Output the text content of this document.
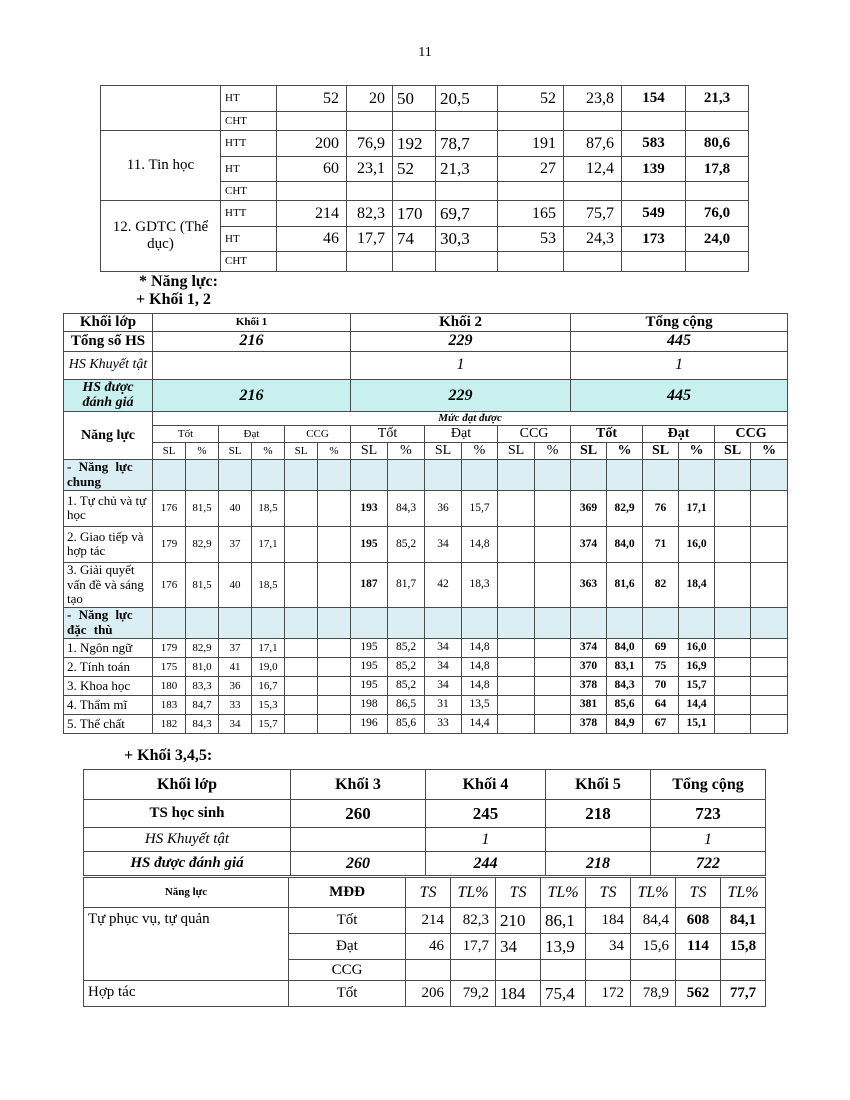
11
	HT	52	20	50	20,5	52	23,8	154	21,3
	CHT								
11. Tin học	HTT	200	76,9	192	78,7	191	87,6	583	80,6
	HT	60	23,1	52	21,3	27	12,4	139	17,8
	CHT								
12. GDTC (Thể dục)	HTT	214	82,3	170	69,7	165	75,7	549	76,0
	HT	46	17,7	74	30,3	53	24,3	173	24,0
	CHT								
* Năng lực:
+ Khối 1, 2
Khối lớp	Khối 1						Khối 2						Tổng cộng					
Tổng số HS	216						229						445					
HS Khuyết tật							1						1					
HS được đánh giá	216						229						445					
Năng lực	Mức đạt được																	
	Tốt		Đạt		CCG		Tốt		Đạt		CCG		Tốt		Đạt		CCG	
	SL	%	SL	%	SL	%	SL	%	SL	%	SL	%	SL	%	SL	%	SL	%
- Năng lực chung																		
1. Tự chủ và tự học	176	81,5	40	18,5			193	84,3	36	15,7			369	82,9	76	17,1		
2. Giao tiếp và hợp tác	179	82,9	37	17,1			195	85,2	34	14,8			374	84,0	71	16,0		
3. Giải quyết vấn đề và sáng tạo	176	81,5	40	18,5			187	81,7	42	18,3			363	81,6	82	18,4		
- Năng lực đặc thù																		
1. Ngôn ngữ	179	82,9	37	17,1			195	85,2	34	14,8			374	84,0	69	16,0		
2. Tính toán	175	81,0	41	19,0			195	85,2	34	14,8			370	83,1	75	16,9		
3. Khoa học	180	83,3	36	16,7			195	85,2	34	14,8			378	84,3	70	15,7		
4. Thẩm mĩ	183	84,7	33	15,3			198	86,5	31	13,5			381	85,6	64	14,4		
5. Thể chất	182	84,3	34	15,7			196	85,6	33	14,4			378	84,9	67	15,1		
+ Khối 3,4,5:
Khối lớp	Khối 3	Khối 4	Khối 5	Tổng cộng
TS học sinh	260	245	218	723
HS Khuyết tật		1		1
HS được đánh giá	260	244	218	722
Năng lực	MĐĐ	TS	TL%	TS	TL%	TS	TL%	TS	TL%
Tự phục vụ, tự quản	Tốt	214	82,3	210	86,1	184	84,4	608	84,1
	Đạt	46	17,7	34	13,9	34	15,6	114	15,8
	CCG								
Hợp tác	Tốt	206	79,2	184	75,4	172	78,9	562	77,7
